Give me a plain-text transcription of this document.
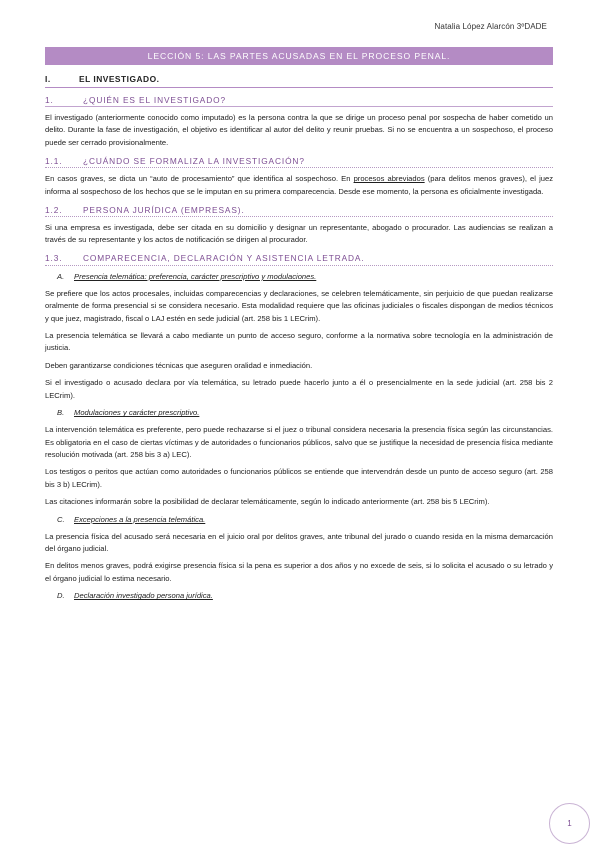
Natalia López Alarcón 3ºDADE
LECCIÓN 5: LAS PARTES ACUSADAS EN EL PROCESO PENAL.
I.	EL INVESTIGADO.
1.	¿QUIÉN ES EL INVESTIGADO?

El investigado (anteriormente conocido como imputado) es la persona contra la que se dirige un proceso penal por sospecha de haber cometido un delito. Durante la fase de investigación, el objetivo es identificar al autor del delito y reunir pruebas. Si no se encuentra a un sospechoso, el proceso puede ser cerrado provisionalmente.

1.1.	¿CUÁNDO SE FORMALIZA LA INVESTIGACIÓN?

En casos graves, se dicta un “auto de procesamiento” que identifica al sospechoso. En procesos abreviados (para delitos menos graves), el juez informa al sospechoso de los hechos que se le imputan en su primera comparecencia. Desde ese momento, la persona es oficialmente investigada.

1.2.	PERSONA JURÍDICA (EMPRESAS).

Si una empresa es investigada, debe ser citada en su domicilio y designar un representante, abogado o procurador. Las audiencias se realizan a través de su representante y los actos de notificación se dirigen al procurador.

1.3.	COMPARECENCIA, DECLARACIÓN Y ASISTENCIA LETRADA.
A.	Presencia telemática: preferencia, carácter prescriptivo y modulaciones.

Se prefiere que los actos procesales, incluidas comparecencias y declaraciones, se celebren telemáticamente, sin perjuicio de que puedan realizarse oralmente de forma presencial si se considera necesario. Esta modalidad requiere que las oficinas judiciales o fiscales dispongan de medios técnicos y que juez, magistrado, fiscal o LAJ estén en sede judicial (art. 258 bis 1 LECrim).

La presencia telemática se llevará a cabo mediante un punto de acceso seguro, conforme a la normativa sobre tecnología en la administración de justicia.

Deben garantizarse condiciones técnicas que aseguren oralidad e inmediación.

Si el investigado o acusado declara por vía telemática, su letrado puede hacerlo junto a él o presencialmente en la sede judicial (art. 258 bis 2 LECrim).

B.	Modulaciones y carácter prescriptivo.

La intervención telemática es preferente, pero puede rechazarse si el juez o tribunal considera necesaria la presencia física según las circunstancias. Es obligatoria en el caso de ciertas víctimas y de autoridades o funcionarios públicos, salvo que se justifique la necesidad de presencia física mediante resolución motivada (art. 258 bis 3 a) LEC).

Los testigos o peritos que actúan como autoridades o funcionarios públicos se entiende que intervendrán desde un punto de acceso seguro (art. 258 bis 3 b) LECrim).

Las citaciones informarán sobre la posibilidad de declarar telemáticamente, según lo indicado anteriormente (art. 258 bis 5 LECrim).

C.	Excepciones a la presencia telemática.

La presencia física del acusado será necesaria en el juicio oral por delitos graves, ante tribunal del jurado o cuando resida en la misma demarcación del órgano judicial.

En delitos menos graves, podrá exigirse presencia física si la pena es superior a dos años y no excede de seis, si lo solicita el acusado o su letrado y el órgano judicial lo estima necesario.

D.	Declaración investigado persona jurídica.
1
